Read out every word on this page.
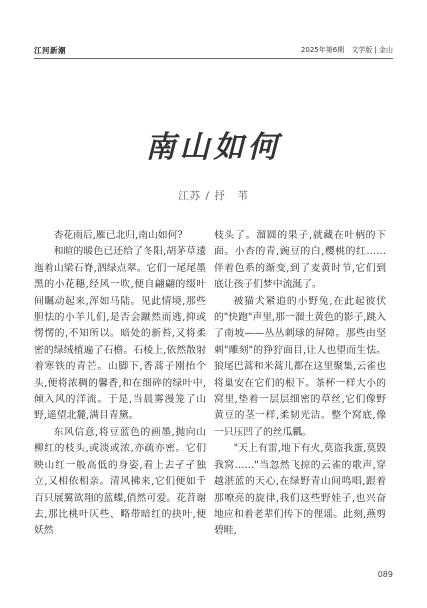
江河新潮	2025年第6期　文学版 | 金山
南山如何
江苏 / 抒　苇

杏花雨后,雁已北归,南山如何?

和暄的暖色已还给了冬阳,胡茅草逶迤着山梁石脊,泗绿点翠。它们一尾尾墨黑的小花穗,经风一吹,便自翩翩的缀叶间瞩动起来,浑如马陆。见此情境,那些胆怯的小羊儿们,是否会蹴然而逃,抑或愣愣的,不知所以。暗处的新苔,又将柔密的绿绒植遍了石檐。石棱上,依然散射着寒铁的青芒。山脚下,香蒿子刚抬个头,便将浓稠的馨香,和在细碎的绿叶中,倾入风的洋流。于是,当晨雾漫笼了山野,遥望北麓,满目青黛。

东风信意,将豆蓝色的画墨,抛向山柳红的枝头,或淡或浓,亦疏亦密。它们映山红一般高低的身姿,看上去孑孑独立,又相依相亲。清风拂来,它们便如千百只展翼欲翔的蓝蝶,俏然可爱。花苕谢去,那比桃叶仄些、略带暗红的抉叶,便妖然

枝头了。溜圆的果子,就藏在叶柄的下面。小杏的青,豌豆的白,樱桃的红……伴着色系的渐变,到了麦黄时节,它们到底让孩子们梦中流涎了。

被猫犬紧追的小野兔,在此起彼伏的"快跑"声里,那一溜土黄色的影子,跳入了南坡——丛丛刺球的屏障。那些由坚刺"雕刻"的狰狞面目,让人也望而生怯。狼尾巴蒿和米蒿儿都在这里聚集,云雀也将巢安在它们的根下。茶杯一样大小的窝里,垫着一层层细密的草丝,它们像野黄豆的茎一样,柔韧光洁。整个窝底,像一只压凹了的丝瓜瓤。

"天上有雷,地下有火,莫盗我蛋,莫毁我窝……"当忽然飞掠的云雀的歌声,穿越湛蓝的天心,在绿野青山间鸣唱,跟着那嘹亮的旋律,我们这些野娃子,也兴奋地应和着老辈们传下的俚谣。此刻,燕剪碧畦,

089
